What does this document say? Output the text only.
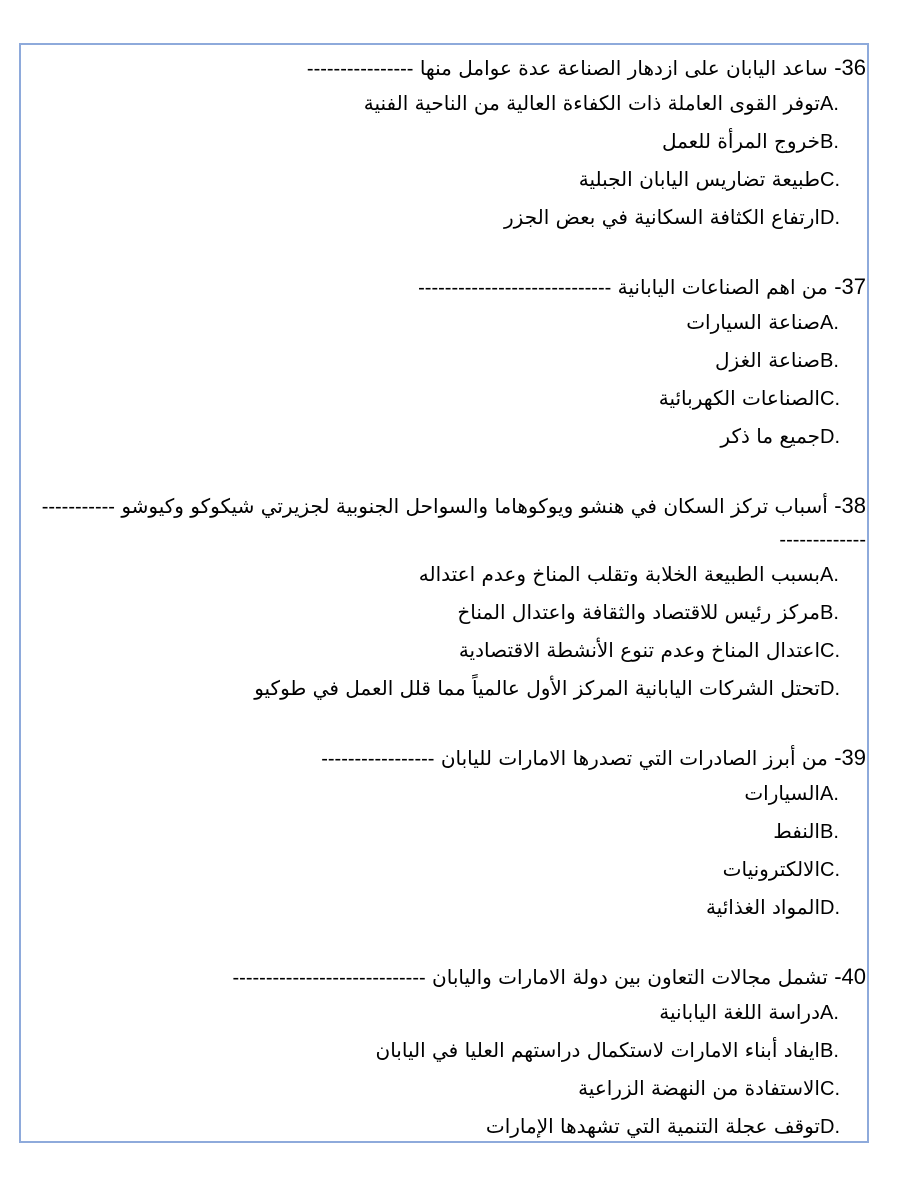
36- ساعد اليابان على ازدهار الصناعة عدة عوامل منها ----------------
A.
توفر القوى العاملة ذات الكفاءة العالية من الناحية الفنية
B.
خروج المرأة للعمل
C.
طبيعة تضاريس اليابان الجبلية
D.
ارتفاع الكثافة السكانية في بعض الجزر
37- من اهم الصناعات اليابانية -----------------------------
A.
صناعة السيارات
B.
صناعة الغزل
C.
الصناعات الكهربائية
D.
جميع ما ذكر
38- أسباب تركز السكان في هنشو ويوكوهاما والسواحل الجنوبية لجزيرتي شيكوكو وكيوشو ------------------------
A.
بسبب الطبيعة الخلابة وتقلب المناخ وعدم اعتداله
B.
مركز رئيس للاقتصاد والثقافة واعتدال المناخ
C.
اعتدال المناخ وعدم تنوع الأنشطة الاقتصادية
D.
تحتل الشركات اليابانية المركز الأول عالمياً مما قلل العمل في طوكيو
39- من أبرز الصادرات التي تصدرها الامارات لليابان -----------------
A.
السيارات
B.
النفط
C.
الالكترونيات
D.
المواد الغذائية
40- تشمل مجالات التعاون بين دولة الامارات واليابان -----------------------------
A.
دراسة اللغة اليابانية
B.
ايفاد أبناء الامارات لاستكمال دراستهم العليا في اليابان
C.
الاستفادة من النهضة الزراعية
D.
توقف عجلة التنمية التي تشهدها الإمارات
